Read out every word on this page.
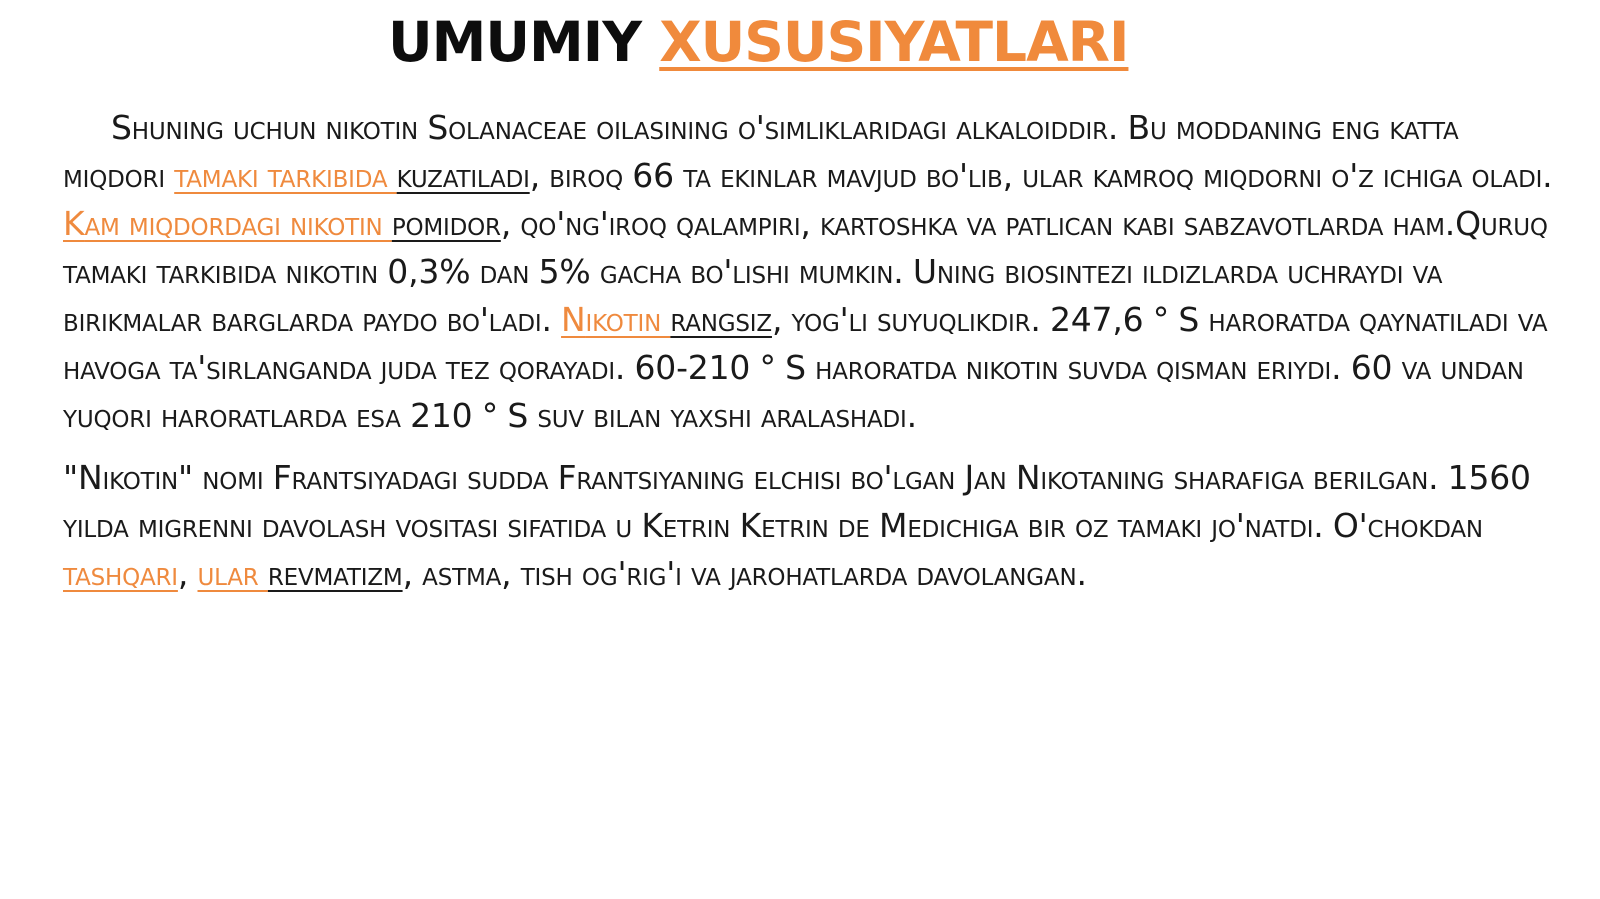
UMUMIY XUSUSIYATLARI

Shuning uchun nikotin Solanaceae oilasining o'simliklaridagi alkaloiddir. Bu moddaning eng katta miqdori tamaki tarkibida kuzatiladi, biroq 66 ta ekinlar mavjud bo'lib, ular kamroq miqdorni o'z ichiga oladi. Kam miqdordagi nikotin pomidor, qo'ng'iroq qalampiri, kartoshka va patlican kabi sabzavotlarda ham.Quruq tamaki tarkibida nikotin 0,3% dan 5% gacha bo'lishi mumkin. Uning biosintezi ildizlarda uchraydi va birikmalar barglarda paydo bo'ladi. Nikotin rangsiz, yog'li suyuqlikdir. 247,6 ° S haroratda qaynatiladi va havoga ta'sirlanganda juda tez qorayadi. 60-210 ° S haroratda nikotin suvda qisman eriydi. 60 va undan yuqori haroratlarda esa 210 ° S suv bilan yaxshi aralashadi.

"Nikotin" nomi Frantsiyadagi sudda Frantsiyaning elchisi bo'lgan Jan Nikotaning sharafiga berilgan. 1560 yilda migrenni davolash vositasi sifatida u Ketrin Ketrin de Medichiga bir oz tamaki jo'natdi. O'chokdan tashqari, ular revmatizm, astma, tish og'rig'i va jarohatlarda davolangan.
